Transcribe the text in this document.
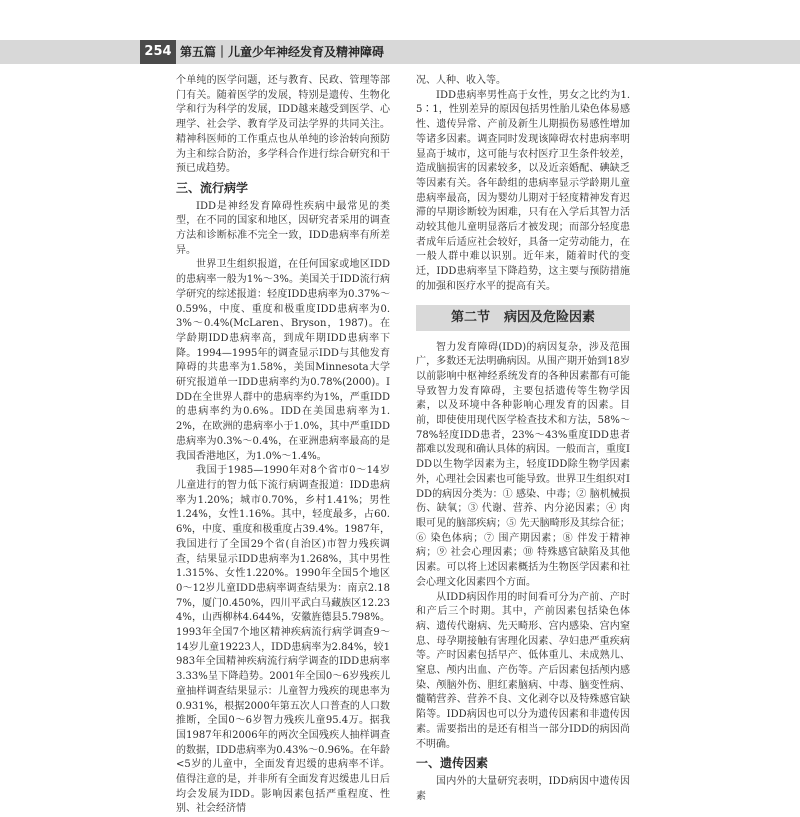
254 第五篇｜儿童少年神经发育及精神障碍

个单纯的医学问题，还与教育、民政、管理等部门有关。随着医学的发展，特别是遗传、生物化学和行为科学的发展，IDD越来越受到医学、心理学、社会学、教育学及司法学界的共同关注。精神科医师的工作重点也从单纯的诊治转向预防为主和综合防治，多学科合作进行综合研究和干预已成趋势。

三、流行病学

IDD是神经发育障碍性疾病中最常见的类型，在不同的国家和地区，因研究者采用的调查方法和诊断标准不完全一致，IDD患病率有所差异。

世界卫生组织报道，在任何国家或地区IDD的患病率一般为1%～3%。美国关于IDD流行病学研究的综述报道：轻度IDD患病率为0.37%～0.59%，中度、重度和极重度IDD患病率为0.3%～0.4%(McLaren、Bryson，1987)。在学龄期IDD患病率高，到成年期IDD患病率下降。1994—1995年的调查显示IDD与其他发育障碍的共患率为1.58%，美国Minnesota大学研究报道单一IDD患病率约为0.78%(2000)。IDD在全世界人群中的患病率约为1%，严重IDD的患病率约为0.6%。IDD在美国患病率为1.2%，在欧洲的患病率小于1.0%，其中严重IDD患病率为0.3%～0.4%，在亚洲患病率最高的是我国香港地区，为1.0%～1.4%。

我国于1985—1990年对8个省市0～14岁儿童进行的智力低下流行病调查报道：IDD患病率为1.20%；城市0.70%，乡村1.41%；男性1.24%，女性1.16%。其中，轻度最多，占60.6%，中度、重度和极重度占39.4%。1987年，我国进行了全国29个省(自治区)市智力残疾调查，结果显示IDD患病率为1.268%，其中男性1.315%、女性1.220%。1990年全国5个地区0～12岁儿童IDD患病率调查结果为：南京2.187%，厦门0.450%，四川平武白马藏族区12.234%，山西柳林4.644%，安徽旌德县5.798%。1993年全国7个地区精神疾病流行病学调查9～14岁儿童19223人，IDD患病率为2.84%，较1983年全国精神疾病流行病学调查的IDD患病率3.33%呈下降趋势。2001年全国0～6岁残疾儿童抽样调查结果显示：儿童智力残疾的现患率为0.931%，根据2000年第五次人口普查的人口数推断，全国0～6岁智力残疾儿童95.4万。据我国1987年和2006年的两次全国残疾人抽样调查的数据，IDD患病率为0.43%～0.96%。在年龄<5岁的儿童中，全面发育迟缓的患病率不详。值得注意的是，并非所有全面发育迟缓患儿日后均会发展为IDD。影响因素包括严重程度、性别、社会经济情

况、人种、收入等。

IDD患病率男性高于女性，男女之比约为1.5∶1，性别差异的原因包括男性胎儿染色体易感性、遗传异常、产前及新生儿期损伤易感性增加等诸多因素。调查同时发现该障碍农村患病率明显高于城市，这可能与农村医疗卫生条件较差，造成脑损害的因素较多，以及近亲婚配、碘缺乏等因素有关。各年龄组的患病率显示学龄期儿童患病率最高，因为婴幼儿期对于轻度精神发育迟滞的早期诊断较为困难，只有在入学后其智力活动较其他儿童明显落后才被发现；而部分轻度患者成年后适应社会较好，具备一定劳动能力，在一般人群中难以识别。近年来，随着时代的变迁，IDD患病率呈下降趋势，这主要与预防措施的加强和医疗水平的提高有关。

第二节 病因及危险因素

智力发育障碍(IDD)的病因复杂，涉及范围广，多数还无法明确病因。从围产期开始到18岁以前影响中枢神经系统发育的各种因素都有可能导致智力发育障碍，主要包括遗传等生物学因素，以及环境中各种影响心理发育的因素。目前，即使使用现代医学检查技术和方法，58%～78%轻度IDD患者，23%～43%重度IDD患者都难以发现和确认具体的病因。一般而言，重度IDD以生物学因素为主，轻度IDD除生物学因素外，心理社会因素也可能导致。世界卫生组织对IDD的病因分类为：① 感染、中毒；② 脑机械损伤、缺氧；③ 代谢、营养、内分泌因素；④ 肉眼可见的脑部疾病；⑤ 先天脑畸形及其综合征；⑥ 染色体病；⑦ 围产期因素；⑧ 伴发于精神病；⑨ 社会心理因素；⑩ 特殊感官缺陷及其他因素。可以将上述因素概括为生物医学因素和社会心理文化因素四个方面。

从IDD病因作用的时间看可分为产前、产时和产后三个时期。其中，产前因素包括染色体病、遗传代谢病、先天畸形、宫内感染、宫内窒息、母孕期接触有害理化因素、孕妇患严重疾病等。产时因素包括早产、低体重儿、未成熟儿、窒息、颅内出血、产伤等。产后因素包括颅内感染、颅脑外伤、胆红素脑病、中毒、脑变性病、髓鞘营养、营养不良、文化剥夺以及特殊感官缺陷等。IDD病因也可以分为遗传因素和非遗传因素。需要指出的是还有相当一部分IDD的病因尚不明确。

一、遗传因素

国内外的大量研究表明，IDD病因中遗传因素
